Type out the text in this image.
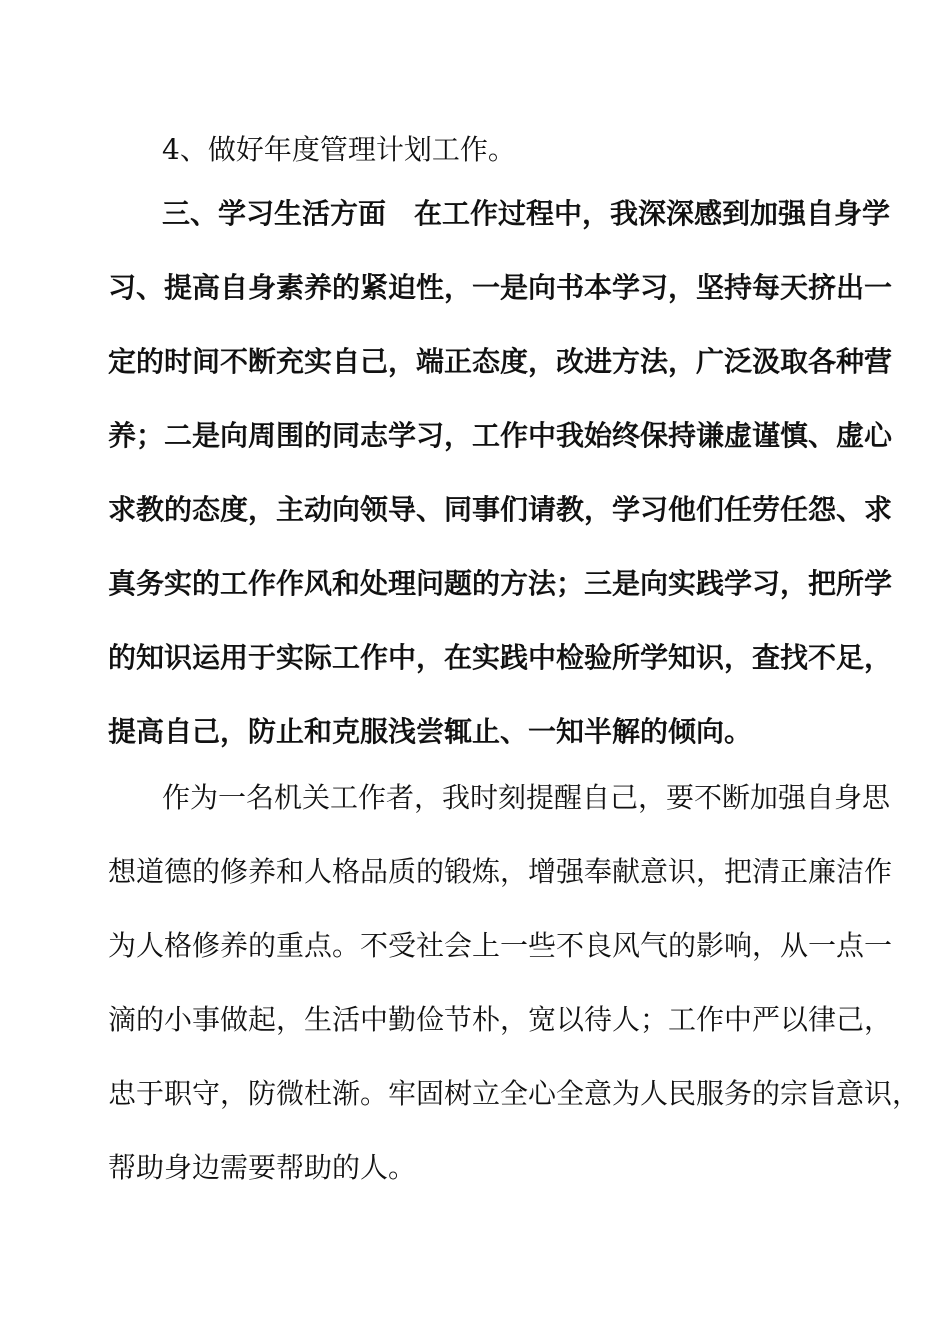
4、做好年度管理计划工作。
三、学习生活方面　在工作过程中，我深深感到加强自身学
习、提高自身素养的紧迫性，一是向书本学习，坚持每天挤出一
定的时间不断充实自己，端正态度，改进方法，广泛汲取各种营
养；二是向周围的同志学习，工作中我始终保持谦虚谨慎、虚心
求教的态度，主动向领导、同事们请教，学习他们任劳任怨、求
真务实的工作作风和处理问题的方法；三是向实践学习，把所学
的知识运用于实际工作中，在实践中检验所学知识，查找不足，
提高自己，防止和克服浅尝辄止、一知半解的倾向。
作为一名机关工作者，我时刻提醒自己，要不断加强自身思
想道德的修养和人格品质的锻炼，增强奉献意识，把清正廉洁作
为人格修养的重点。不受社会上一些不良风气的影响，从一点一
滴的小事做起，生活中勤俭节朴，宽以待人；工作中严以律己，
忠于职守，防微杜渐。牢固树立全心全意为人民服务的宗旨意识，
帮助身边需要帮助的人。
